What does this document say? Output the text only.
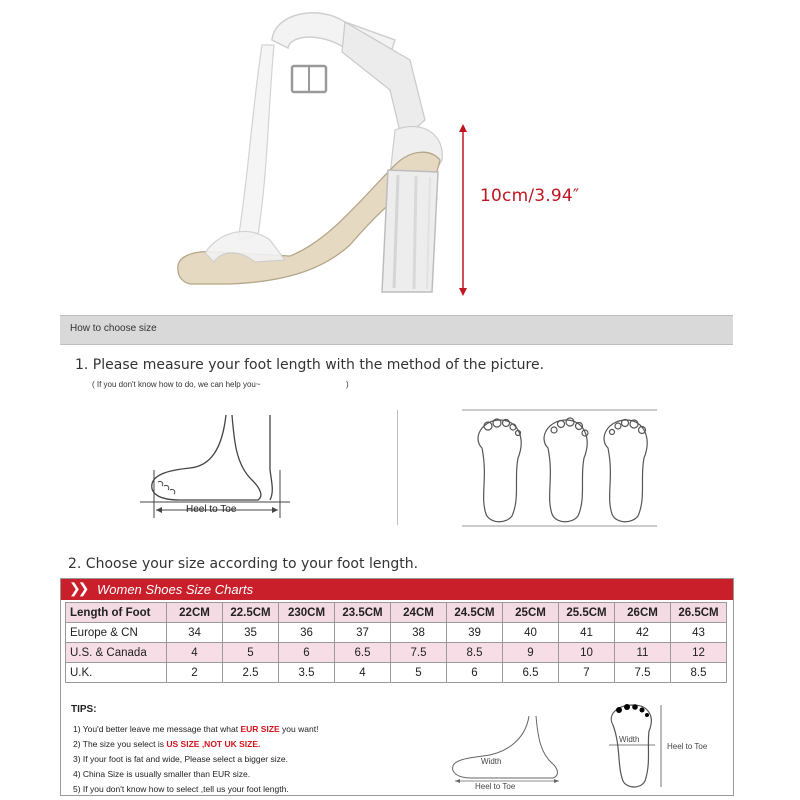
10cm/3.94″
How to choose size
1. Please measure your foot length with the method of the picture.
( If you don't know how to do, we can help you~	)
Heel to Toe
2. Choose your size according to your foot length.
❯❯ Women Shoes Size Charts
Length of Foot	22CM	22.5CM	230CM	23.5CM	24CM	24.5CM	25CM	25.5CM	26CM	26.5CM
Europe & CN	34	35	36	37	38	39	40	41	42	43
U.S. & Canada	4	5	6	6.5	7.5	8.5	9	10	11	12
U.K.	2	2.5	3.5	4	5	6	6.5	7	7.5	8.5
TIPS:
1) You'd better leave me message that what EUR SIZE you want!
2) The size you select is US SIZE ,NOT UK SIZE.
3) If your foot is fat and wide, Please select a bigger size.
4) China Size is usually smaller than EUR size.
5) If you don't know how to select ,tell us your foot length.
Width
Heel to Toe
Width
Heel to Toe
